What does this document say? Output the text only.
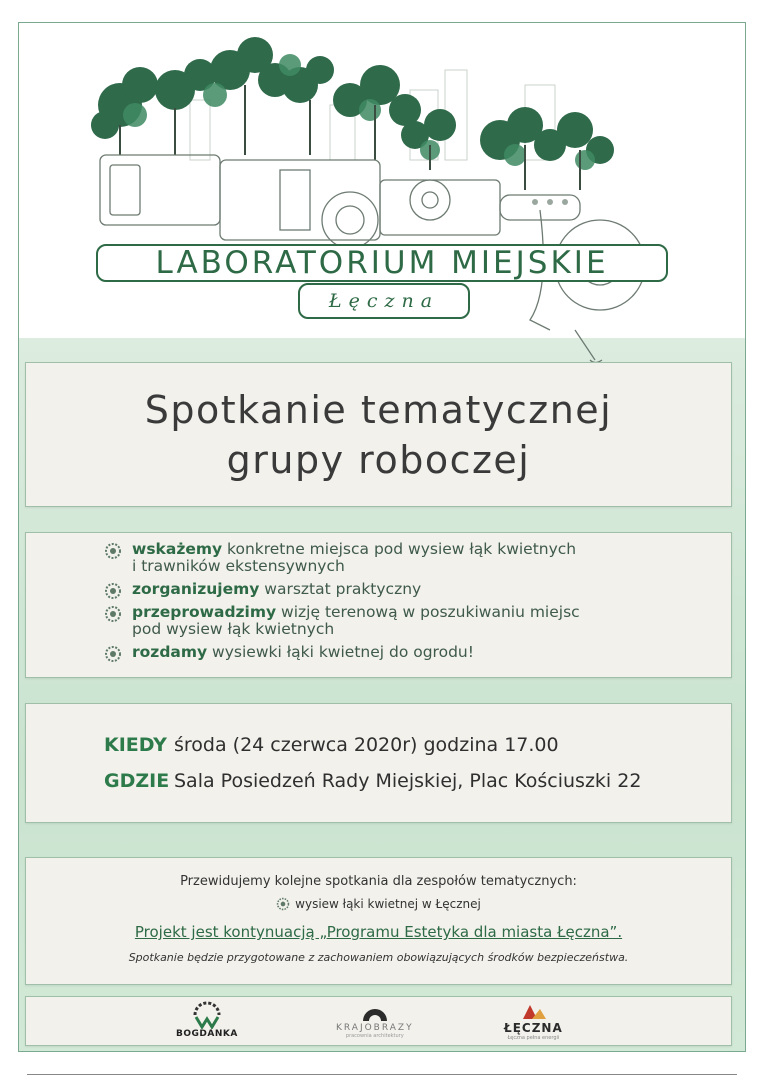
LABORATORIUM MIEJSKIE
Łęczna
Spotkanie tematycznej
grupy roboczej
wskażemy konkretne miejsca pod wysiew łąk kwietnych
i trawników ekstensywnych
zorganizujemy warsztat praktyczny
przeprowadzimy wizję terenową w poszukiwaniu miejsc
pod wysiew łąk kwietnych
rozdamy wysiewki łąki kwietnej do ogrodu!
KIEDY środa (24 czerwca 2020r) godzina 17.00
GDZIE Sala Posiedzeń Rady Miejskiej, Plac Kościuszki 22
Przewidujemy kolejne spotkania dla zespołów tematycznych:
wysiew łąki kwietnej w Łęcznej
Projekt jest kontynuacją „Programu Estetyka dla miasta Łęczna”.
Spotkanie będzie przygotowane z zachowaniem obowiązujących środków bezpieczeństwa.
BOGDANKA
KRAJOBRAZY
pracownia architektury
ŁĘCZNA
Łęczna pełna energii
